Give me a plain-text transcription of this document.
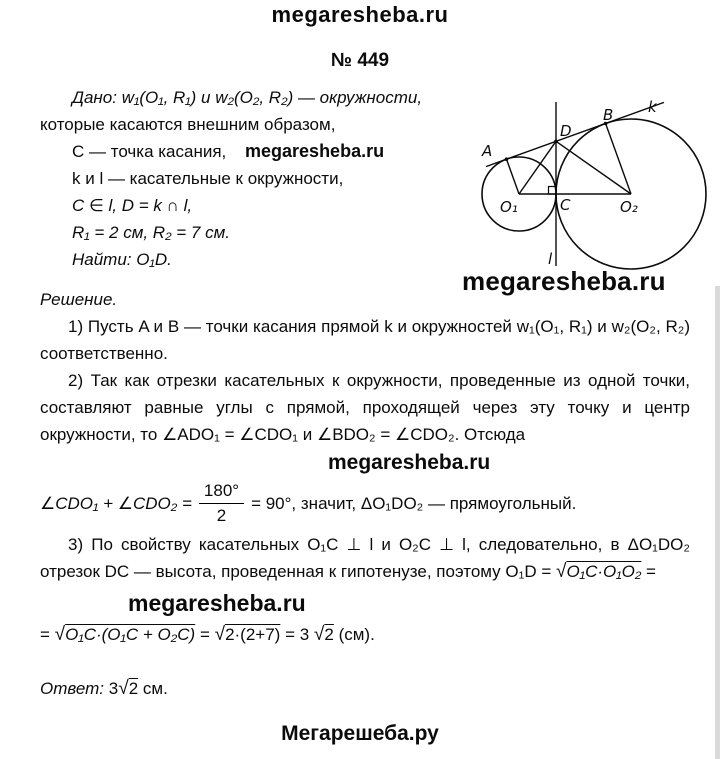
megaresheba.ru
№ 449
Дано: w₁(O₁, R₁) и w₂(O₂, R₂) — окружности,
которые касаются внешним образом,
C — точка касания, megaresheba.ru
k и l — касательные к окружности,
C ∈ l, D = k ∩ l,
R₁ = 2 см, R₂ = 7 см.
Найти: O₁D.
A
D
B k
O₁	C	O₂
l
megaresheba.ru
Решение.

1) Пусть A и B — точки касания прямой k и окружностей w₁(O₁, R₁) и w₂(O₂, R₂) соответственно.

2) Так как отрезки касательных к окружности, проведенные из одной точки, составляют равные углы с прямой, проходящей через эту точку и центр окружности, то ∠ADO₁ = ∠CDO₁ и ∠BDO₂ = ∠CDO₂. Отсюда

megaresheba.ru
∠CDO₁ + ∠CDO₂ = $\frac{180^\circ}{2} = 90^\circ$, значит, ΔO₁DO₂ — прямоугольный.

3) По свойству касательных O₁C ⊥ l и O₂C ⊥ l, следовательно, в ΔO₁DO₂ отрезок DC — высота, проведенная к гипотенузе, поэтому O₁D = √O₁C·O₁O₂ =

megaresheba.ru
= √O₁C·(O₁C + O₂C) = √2·(2+7) = 3 √2 (см).
Ответ: 3√2 см.
Мегарешеба.ру
